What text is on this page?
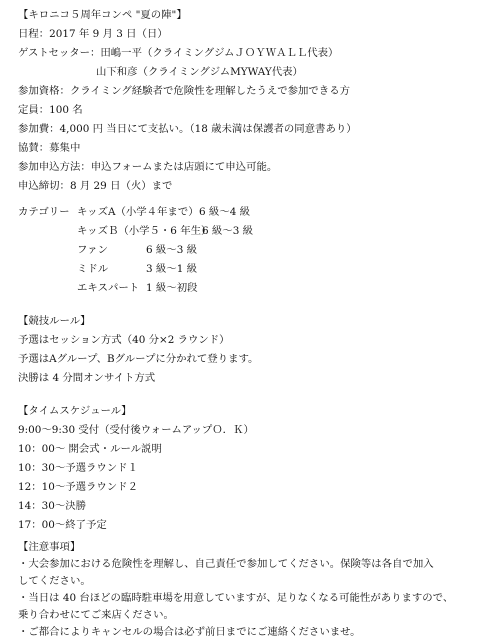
【キロニコ５周年コンペ "夏の陣"】
日程：2017 年 9 月 3 日（日）
ゲストセッター：田嶋一平（クライミングジムＪＯＹＷＡＬＬ代表）
山下和彦（クライミングジムMYWAY代表）
参加資格：クライミング経験者で危険性を理解したうえで参加できる方
定員：100 名
参加費：4,000 円 当日にて支払い。（18 歳未満は保護者の同意書あり）
協賛：募集中
参加申込方法：申込フォームまたは店頭にて申込可能。
申込締切：8 月 29 日（火）まで
カテゴリー キッズA（小学４年まで） 6 級～4 級
キッズＢ（小学５・6 年生）
6 級～3 級
ファン	6 級～3 級
ミドル	3 級～1 級
エキスパート 1 級～初段
【競技ルール】
予選はセッション方式（40 分×2 ラウンド）
予選はAグループ、Bグループに分かれて登ります。
決勝は 4 分間オンサイト方式
【タイムスケジュール】
9:00～9:30 受付（受付後ウォームアップＯ．Ｋ）
10：00～ 開会式・ルール説明
10：30～予選ラウンド１
12：10～予選ラウンド２
14：30～決勝
17：00～終了予定
【注意事項】
・大会参加における危険性を理解し、自己責任で参加してください。保険等は各自で加入
してください。
・当日は 40 台ほどの臨時駐車場を用意していますが、足りなくなる可能性がありますので、
乗り合わせにてご来店ください。
・ご都合によりキャンセルの場合は必ず前日までにご連絡くださいませ。
